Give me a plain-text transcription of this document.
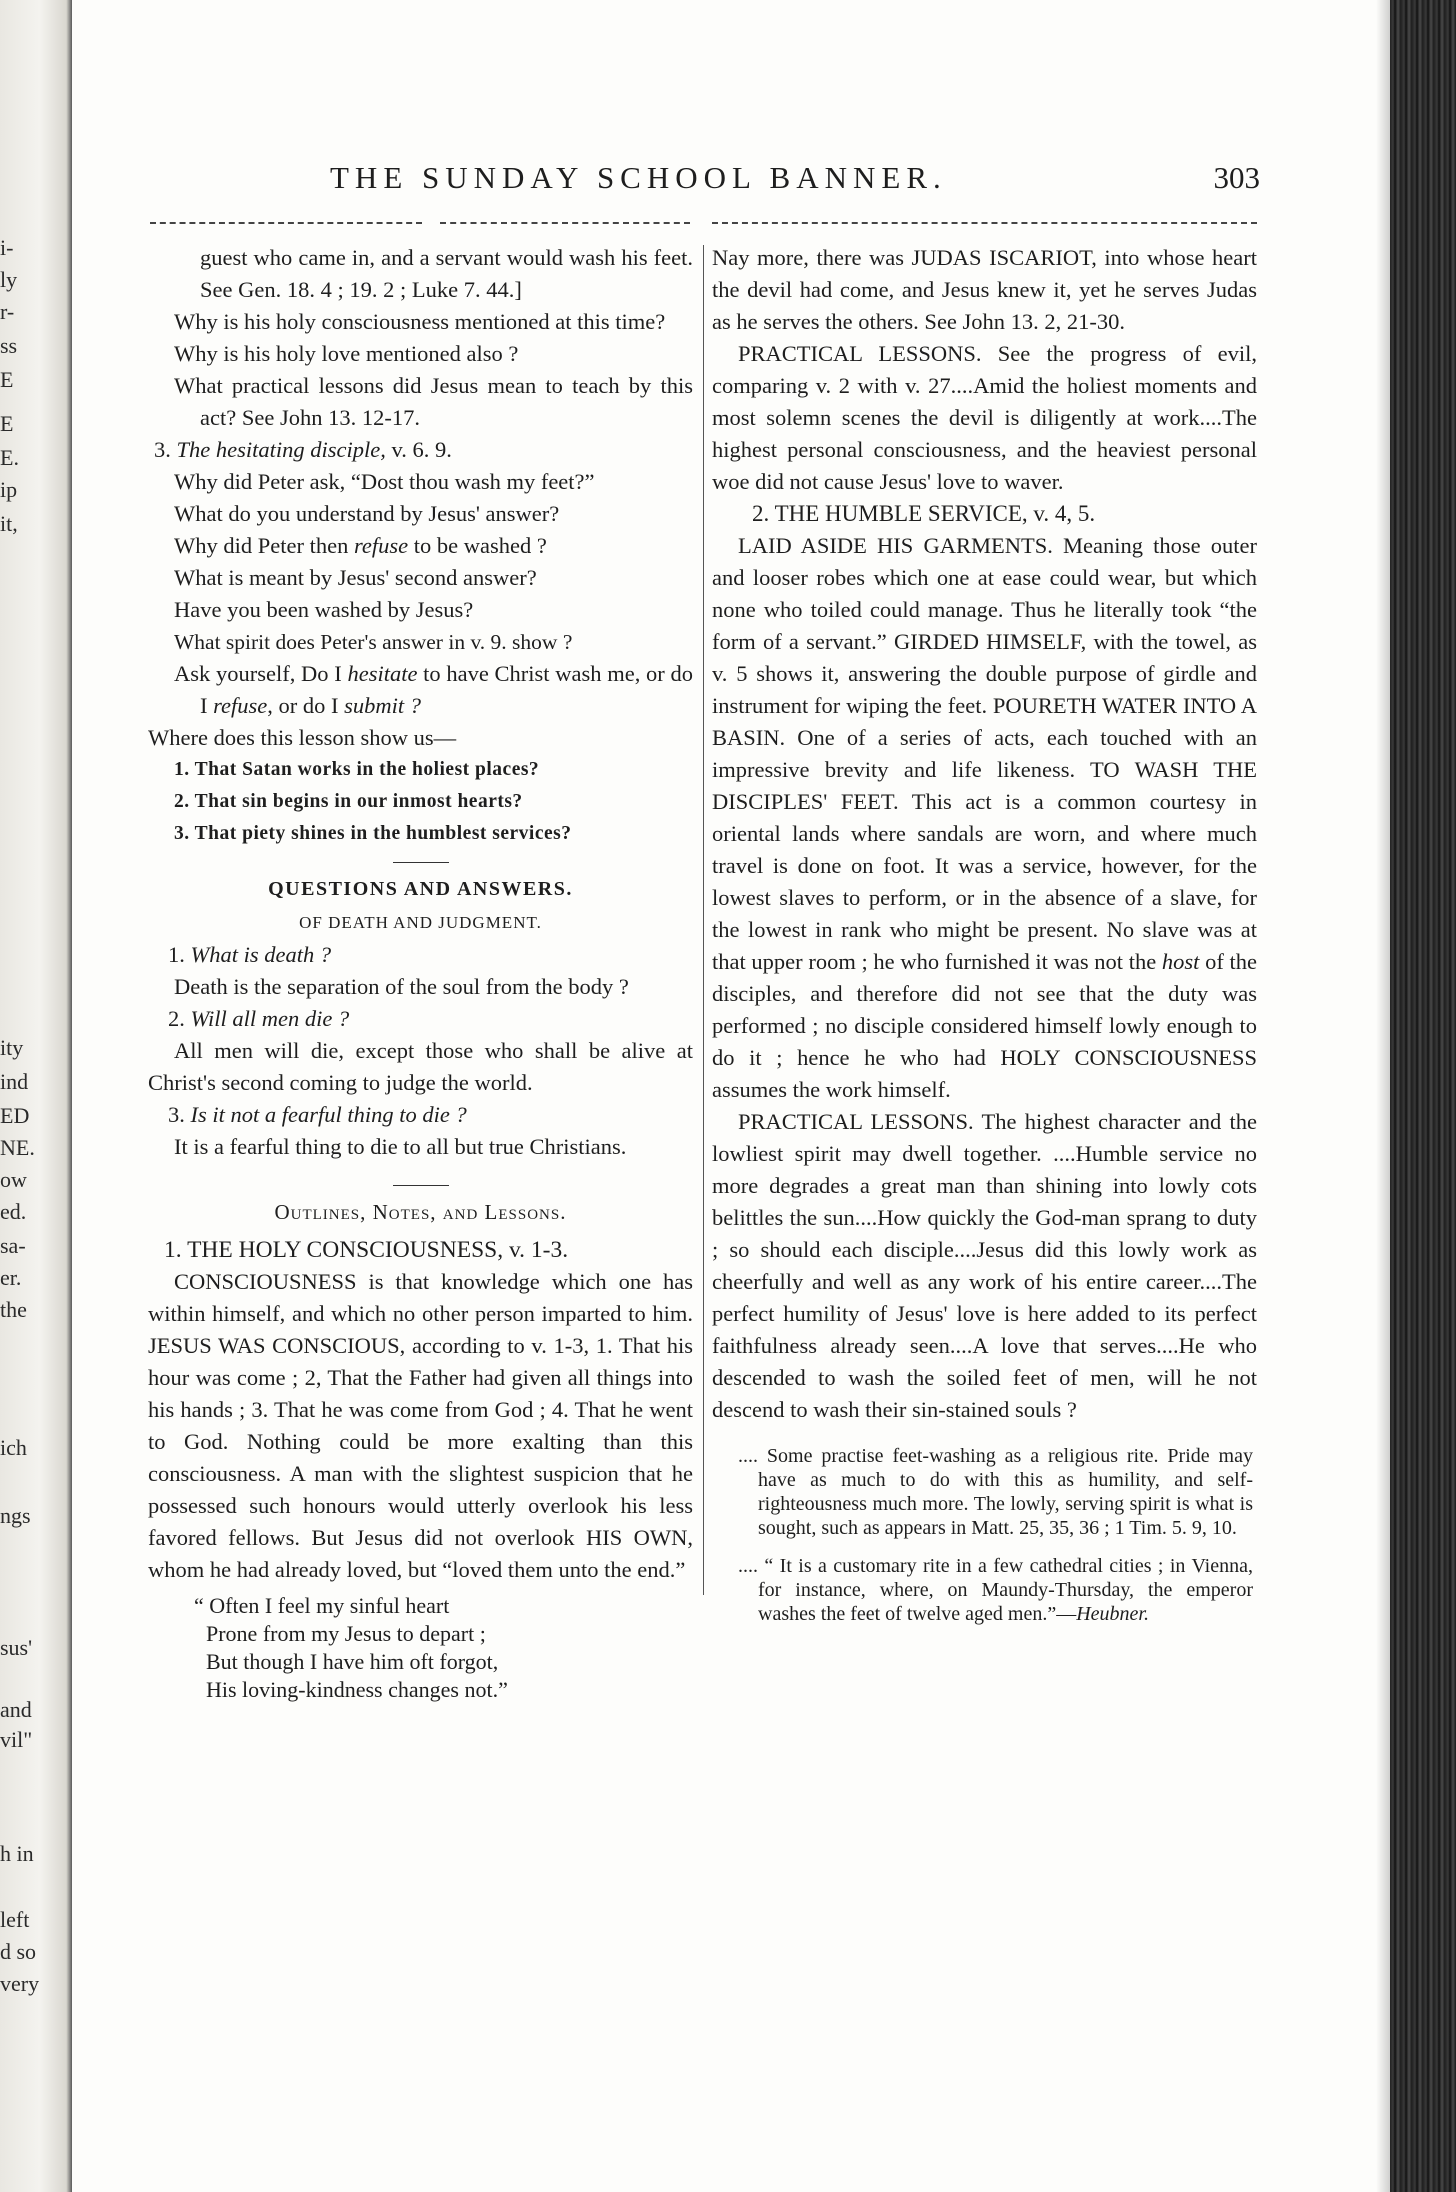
i-
ly
r-
ss
E
E
E.
ip
it,
ity
ind
ED
NE.
ow
ed.
sa-
er.
the
ich
ngs
sus'
and
vil"
h in
left
d so
very
THE SUNDAY SCHOOL BANNER.	303

guest who came in, and a servant would wash his feet. See Gen. 18. 4 ; 19. 2 ; Luke 7. 44.]

Why is his holy consciousness mentioned at this time?

Why is his holy love mentioned also ?

What practical lessons did Jesus mean to teach by this act? See John 13. 12-17.

3. The hesitating disciple, v. 6. 9.

Why did Peter ask, “Dost thou wash my feet?”

What do you understand by Jesus' answer?

Why did Peter then refuse to be washed ?

What is meant by Jesus' second answer?

Have you been washed by Jesus?

What spirit does Peter's answer in v. 9. show ?

Ask yourself, Do I hesitate to have Christ wash me, or do I refuse, or do I submit ?

Where does this lesson show us—

1. That Satan works in the holiest places?

2. That sin begins in our inmost hearts?

3. That piety shines in the humblest services?

QUESTIONS AND ANSWERS.

OF DEATH AND JUDGMENT.

1. What is death ?

Death is the separation of the soul from the body ?

2. Will all men die ?

All men will die, except those who shall be alive at Christ's second coming to judge the world.

3. Is it not a fearful thing to die ?

It is a fearful thing to die to all but true Christians.

Outlines, Notes, and Lessons.

1. THE HOLY CONSCIOUSNESS, v. 1-3.

CONSCIOUSNESS is that knowledge which one has within himself, and which no other person imparted to him. JESUS WAS CONSCIOUS, according to v. 1-3, 1. That his hour was come ; 2, That the Father had given all things into his hands ; 3. That he was come from God ; 4. That he went to God. Nothing could be more exalting than this consciousness. A man with the slightest suspicion that he possessed such honours would utterly overlook his less favored fellows. But Jesus did not overlook HIS OWN, whom he had already loved, but “loved them unto the end.”

“ Often I feel my sinful heart
Prone from my Jesus to depart ;
But though I have him oft forgot,
His loving-kindness changes not.”

Nay more, there was JUDAS ISCARIOT, into whose heart the devil had come, and Jesus knew it, yet he serves Judas as he serves the others. See John 13. 2, 21-30.

PRACTICAL LESSONS. See the progress of evil, comparing v. 2 with v. 27....Amid the holiest moments and most solemn scenes the devil is diligently at work....The highest personal consciousness, and the heaviest personal woe did not cause Jesus' love to waver.

2. THE HUMBLE SERVICE, v. 4, 5.

LAID ASIDE HIS GARMENTS. Meaning those outer and looser robes which one at ease could wear, but which none who toiled could manage. Thus he literally took “the form of a servant.” GIRDED HIMSELF, with the towel, as v. 5 shows it, answering the double purpose of girdle and instrument for wiping the feet. POURETH WATER INTO A BASIN. One of a series of acts, each touched with an impressive brevity and life likeness. TO WASH THE DISCIPLES' FEET. This act is a common courtesy in oriental lands where sandals are worn, and where much travel is done on foot. It was a service, however, for the lowest slaves to perform, or in the absence of a slave, for the lowest in rank who might be present. No slave was at that upper room ; he who furnished it was not the host of the disciples, and therefore did not see that the duty was performed ; no disciple considered himself lowly enough to do it ; hence he who had HOLY CONSCIOUSNESS assumes the work himself.

PRACTICAL LESSONS. The highest character and the lowliest spirit may dwell together. ....Humble service no more degrades a great man than shining into lowly cots belittles the sun....How quickly the God-man sprang to duty ; so should each disciple....Jesus did this lowly work as cheerfully and well as any work of his entire career....The perfect humility of Jesus' love is here added to its perfect faithfulness already seen....A love that serves....He who descended to wash the soiled feet of men, will he not descend to wash their sin-stained souls ?

.... Some practise feet-washing as a religious rite. Pride may have as much to do with this as humility, and self-righteousness much more. The lowly, serving spirit is what is sought, such as appears in Matt. 25, 35, 36 ; 1 Tim. 5. 9, 10.

.... “ It is a customary rite in a few cathedral cities ; in Vienna, for instance, where, on Maundy-Thursday, the emperor washes the feet of twelve aged men.”—Heubner.
